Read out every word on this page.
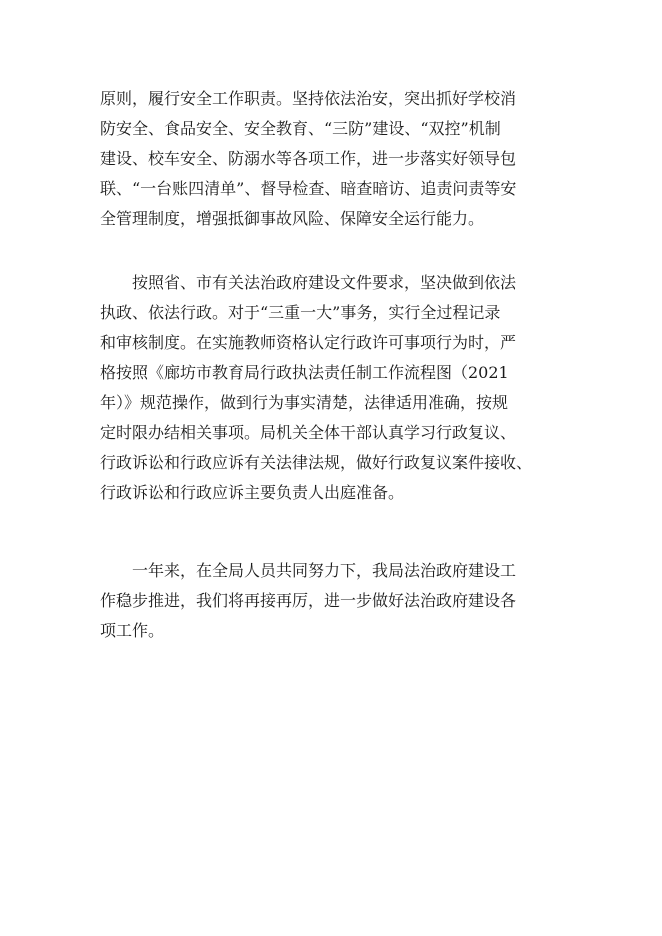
原则，履行安全工作职责。坚持依法治安，突出抓好学校消
防安全、食品安全、安全教育、“三防”建设、“双控”机制
建设、校车安全、防溺水等各项工作，进一步落实好领导包
联、“一台账四清单”、督导检查、暗查暗访、追责问责等安
全管理制度，增强抵御事故风险、保障安全运行能力。

按照省、市有关法治政府建设文件要求，坚决做到依法
执政、依法行政。对于“三重一大”事务，实行全过程记录
和审核制度。在实施教师资格认定行政许可事项行为时，严
格按照《廊坊市教育局行政执法责任制工作流程图（2021
年）》规范操作，做到行为事实清楚，法律适用准确，按规
定时限办结相关事项。局机关全体干部认真学习行政复议、
行政诉讼和行政应诉有关法律法规，做好行政复议案件接收、
行政诉讼和行政应诉主要负责人出庭准备。

一年来，在全局人员共同努力下，我局法治政府建设工
作稳步推进，我们将再接再厉，进一步做好法治政府建设各
项工作。
